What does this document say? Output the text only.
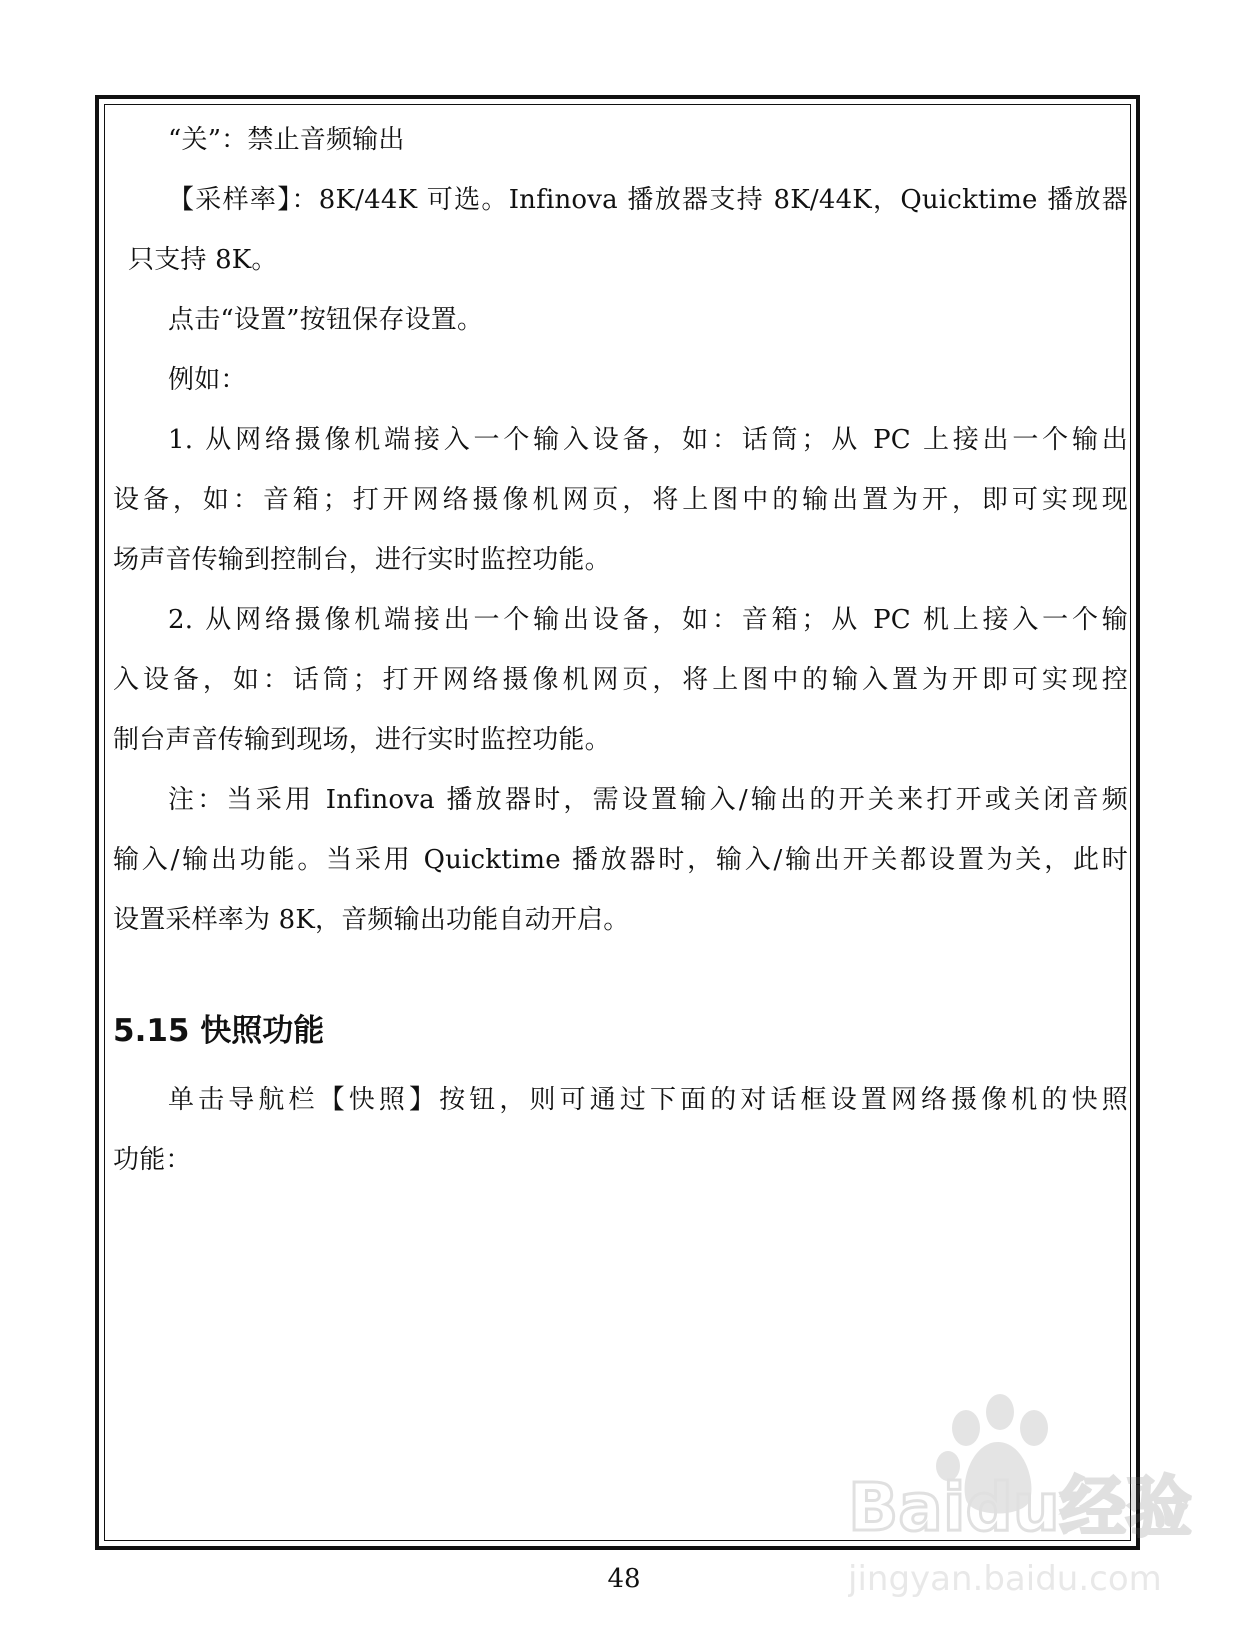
“关”：禁止音频输出
【采样率】：8K/44K 可选。Infinova 播放器支持 8K/44K，Quicktime 播放器
只支持 8K。
点击“设置”按钮保存设置。
例如：
1. 从网络摄像机端接入一个输入设备，如：话筒；从 PC 上接出一个输出
设备，如：音箱；打开网络摄像机网页，将上图中的输出置为开，即可实现现
场声音传输到控制台，进行实时监控功能。
2. 从网络摄像机端接出一个输出设备，如：音箱；从 PC 机上接入一个输
入设备，如：话筒；打开网络摄像机网页，将上图中的输入置为开即可实现控
制台声音传输到现场，进行实时监控功能。
注：当采用 Infinova 播放器时，需设置输入/输出的开关来打开或关闭音频
输入/输出功能。当采用 Quicktime 播放器时，输入/输出开关都设置为关，此时
设置采样率为 8K，音频输出功能自动开启。
5.15 快照功能
单击导航栏【快照】按钮，则可通过下面的对话框设置网络摄像机的快照
功能：
48
Baidu经验
jingyan.baidu.com
